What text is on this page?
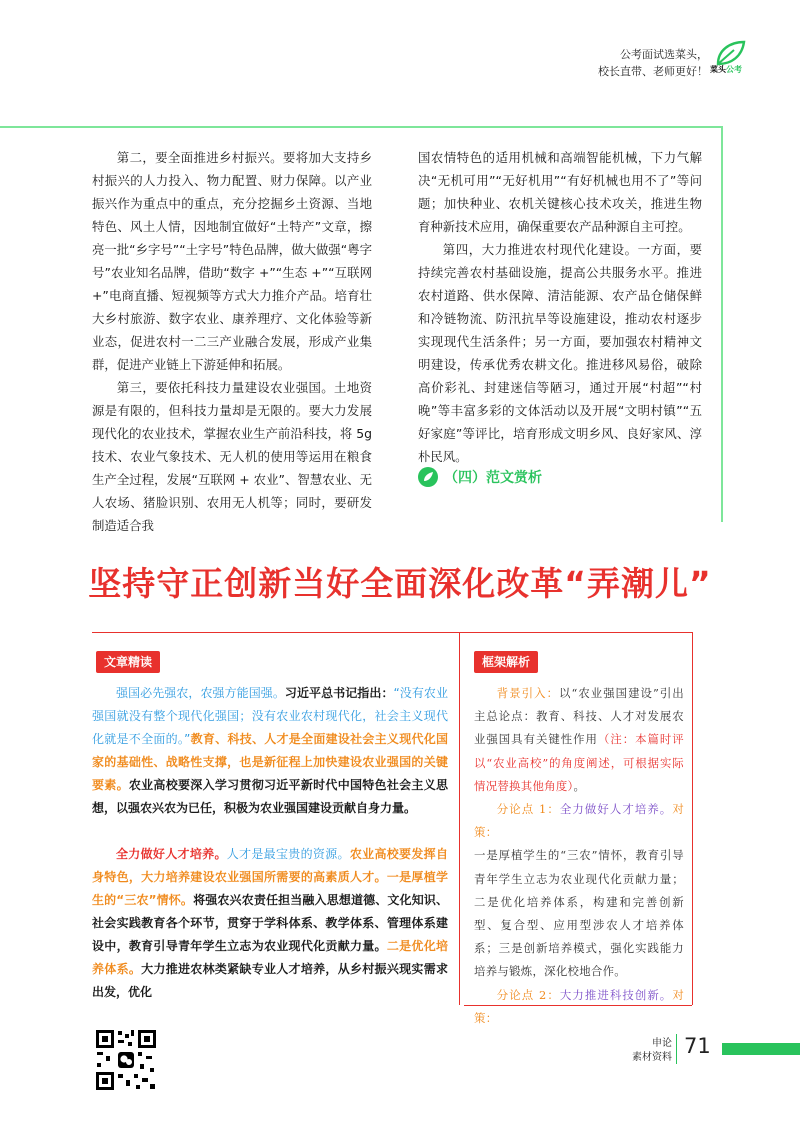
公考面试选菜头，
校长直带、老师更好！ 菜头公考

第二，要全面推进乡村振兴。要将加大支持乡村振兴的人力投入、物力配置、财力保障。以产业振兴作为重点中的重点，充分挖掘乡土资源、当地特色、风土人情，因地制宜做好“土特产”文章，擦亮一批“乡字号”“土字号”特色品牌，做大做强“粤字号”农业知名品牌，借助“数字 +”“生态 +”“互联网 +”电商直播、短视频等方式大力推介产品。培育壮大乡村旅游、数字农业、康养理疗、文化体验等新业态，促进农村一二三产业融合发展，形成产业集群，促进产业链上下游延伸和拓展。

第三，要依托科技力量建设农业强国。土地资源是有限的，但科技力量却是无限的。要大力发展现代化的农业技术，掌握农业生产前沿科技，将 5g 技术、农业气象技术、无人机的使用等运用在粮食生产全过程，发展“互联网 + 农业”、智慧农业、无人农场、猪脸识别、农用无人机等；同时，要研发制造适合我

国农情特色的适用机械和高端智能机械，下力气解决“无机可用”“无好机用”“有好机械也用不了”等问题；加快种业、农机关键核心技术攻关，推进生物育种新技术应用，确保重要农产品种源自主可控。

第四，大力推进农村现代化建设。一方面，要持续完善农村基础设施，提高公共服务水平。推进农村道路、供水保障、清洁能源、农产品仓储保鲜和冷链物流、防汛抗旱等设施建设，推动农村逐步实现现代生活条件；另一方面，要加强农村精神文明建设，传承优秀农耕文化。推进移风易俗，破除高价彩礼、封建迷信等陋习，通过开展“村超”“村晚”等丰富多彩的文体活动以及开展“文明村镇”“五好家庭”等评比，培育形成文明乡风、良好家风、淳朴民风。

（四）范文赏析
坚持守正创新当好全面深化改革“弄潮儿”
文章精读	框架解析

强国必先强农，农强方能国强。习近平总书记指出：“没有农业强国就没有整个现代化强国；没有农业农村现代化，社会主义现代化就是不全面的。”教育、科技、人才是全面建设社会主义现代化国家的基础性、战略性支撑，也是新征程上加快建设农业强国的关键要素。农业高校要深入学习贯彻习近平新时代中国特色社会主义思想，以强农兴农为已任，积极为农业强国建设贡献自身力量。

全力做好人才培养。人才是最宝贵的资源。农业高校要发挥自身特色，大力培养建设农业强国所需要的高素质人才。一是厚植学生的“三农”情怀。将强农兴农责任担当融入思想道德、文化知识、社会实践教育各个环节，贯穿于学科体系、教学体系、管理体系建设中，教育引导青年学生立志为农业现代化贡献力量。二是优化培养体系。大力推进农林类紧缺专业人才培养，从乡村振兴现实需求出发，优化

背景引入：以“农业强国建设”引出主总论点：教育、科技、人才对发展农业强国具有关键性作用（注：本篇时评以“农业高校”的角度阐述，可根据实际情况替换其他角度）。

分论点 1：全力做好人才培养。对策：

一是厚植学生的“三农”情怀，教育引导青年学生立志为农业现代化贡献力量；二是优化培养体系，构建和完善创新型、复合型、应用型涉农人才培养体系；三是创新培养模式，强化实践能力培养与锻炼，深化校地合作。

分论点 2：大力推进科技创新。对策：

申论
素材资料 71
